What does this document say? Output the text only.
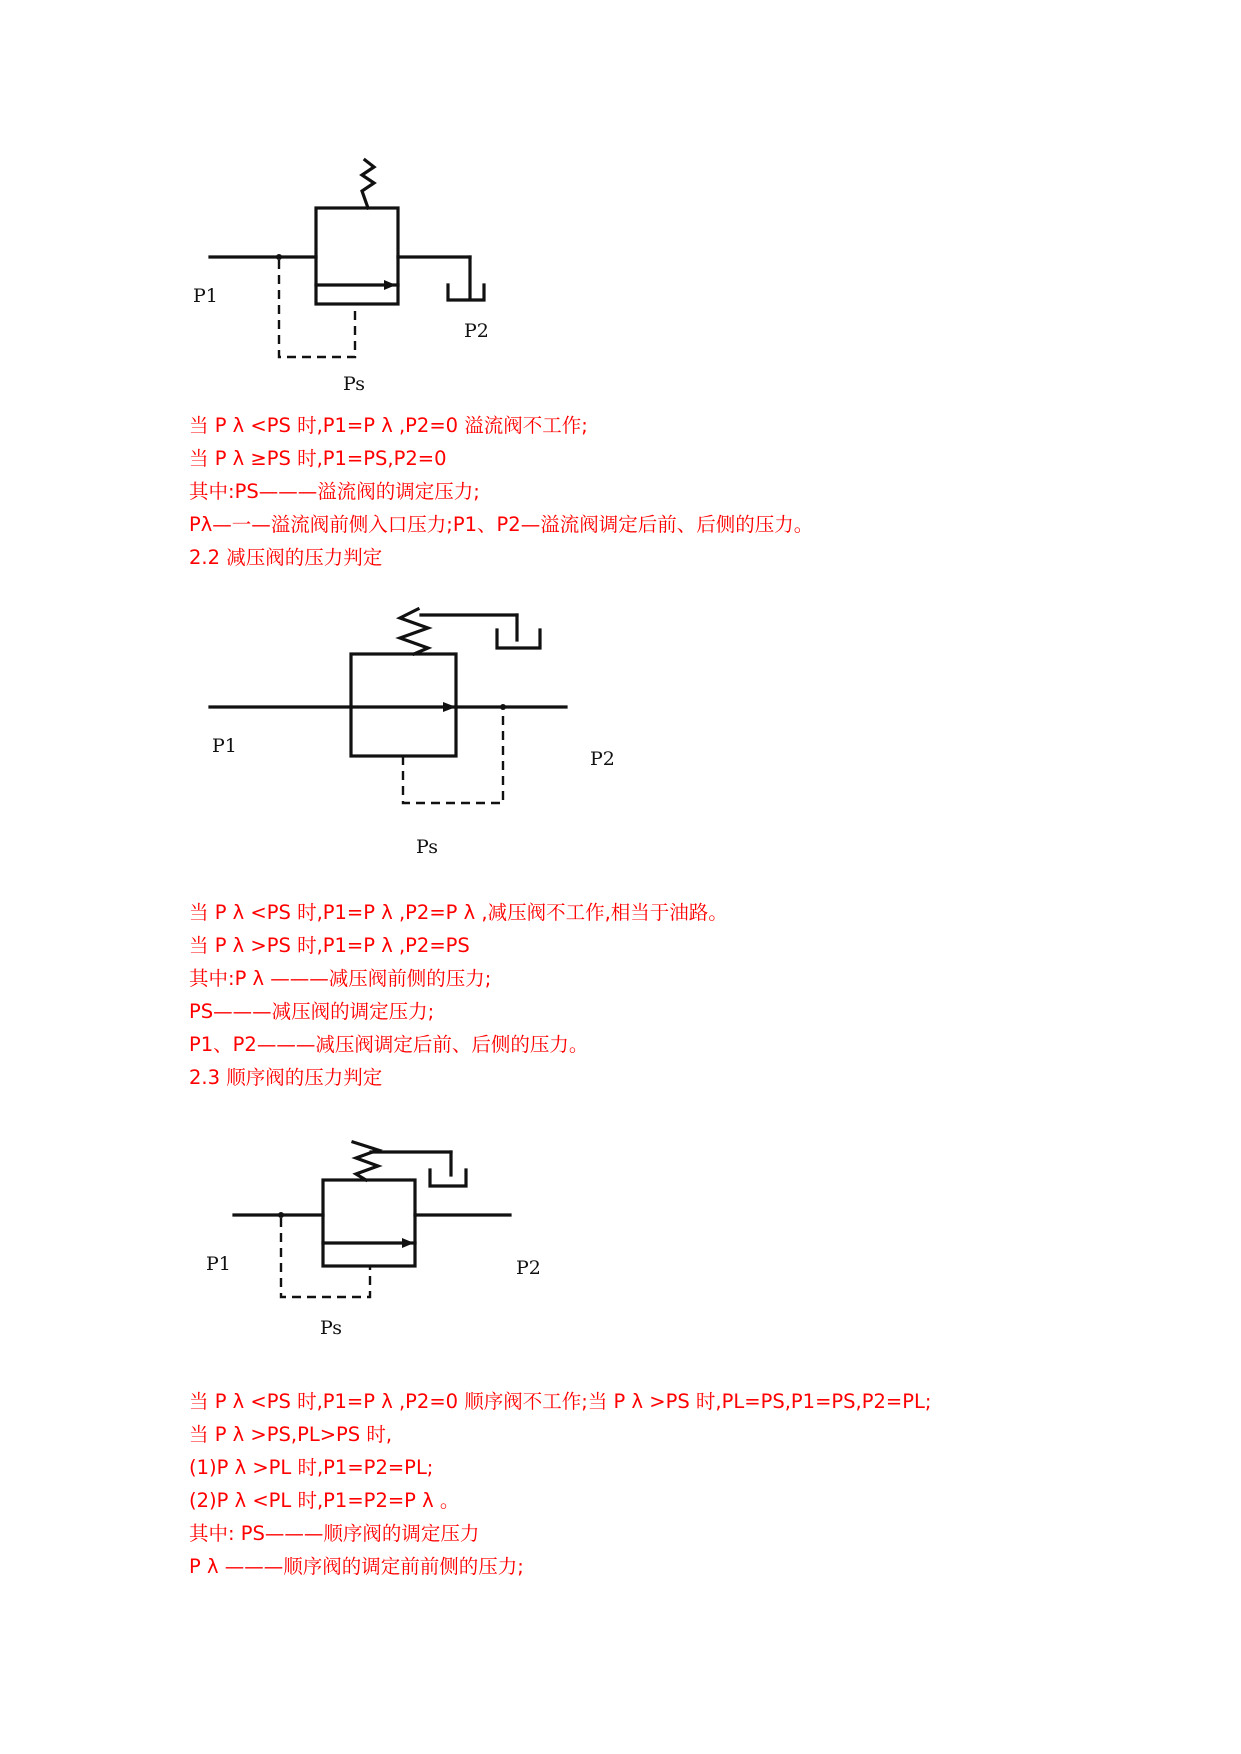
P1
P2
Ps

当 P λ <PS 时,P1=P λ ,P2=0 溢流阀不工作;

当 P λ ≥PS 时,P1=PS,P2=0

其中:PS———溢流阀的调定压力;

Pλ—一—溢流阀前侧入口压力;P1、P2—溢流阀调定后前、后侧的压力。

2.2 减压阀的压力判定

P1
P2
Ps

当 P λ <PS 时,P1=P λ ,P2=P λ ,减压阀不工作,相当于油路。

当 P λ >PS 时,P1=P λ ,P2=PS

其中:P λ ———减压阀前侧的压力;

PS———减压阀的调定压力;

P1、P2———减压阀调定后前、后侧的压力。

2.3 顺序阀的压力判定

P1	P2
Ps

当 P λ <PS 时,P1=P λ ,P2=0 顺序阀不工作;当 P λ >PS 时,PL=PS,P1=PS,P2=PL;

当 P λ >PS,PL>PS 时,

(1)P λ >PL 时,P1=P2=PL;

(2)P λ <PL 时,P1=P2=P λ 。

其中: PS———顺序阀的调定压力

P λ ———顺序阀的调定前前侧的压力;
